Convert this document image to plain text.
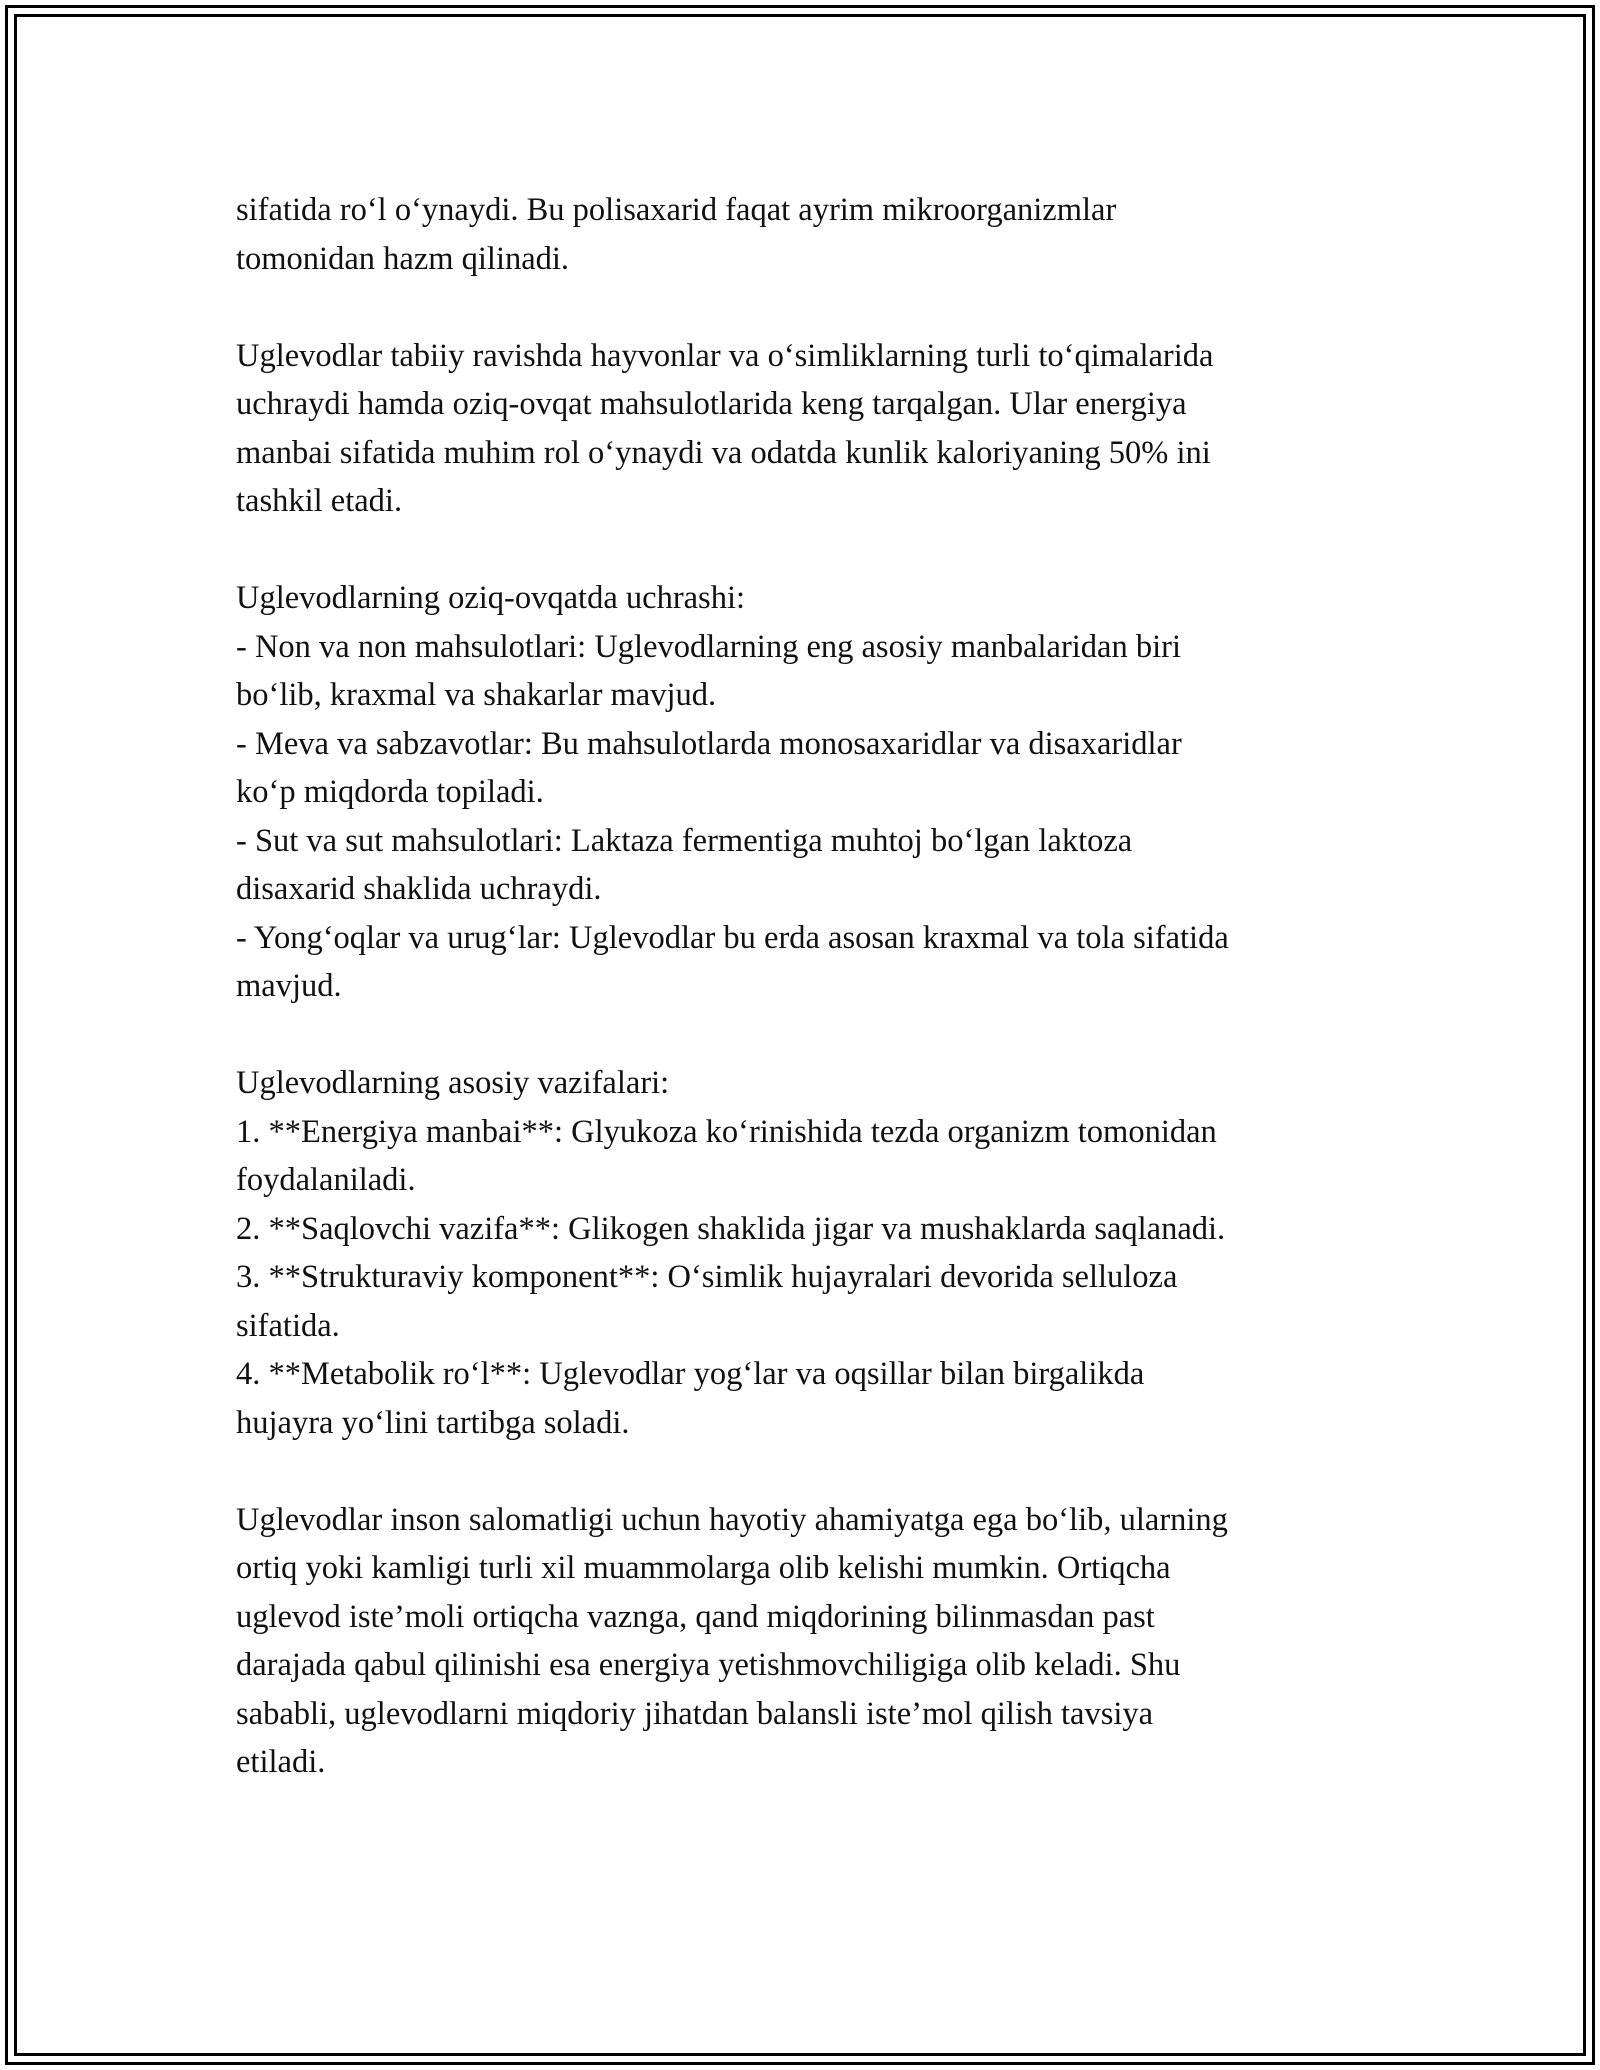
sifatida ro‘l o‘ynaydi. Bu polisaxarid faqat ayrim mikroorganizmlar
tomonidan hazm qilinadi.

Uglevodlar tabiiy ravishda hayvonlar va o‘simliklarning turli to‘qimalarida
uchraydi hamda oziq-ovqat mahsulotlarida keng tarqalgan. Ular energiya
manbai sifatida muhim rol o‘ynaydi va odatda kunlik kaloriyaning 50% ini
tashkil etadi.

Uglevodlarning oziq-ovqatda uchrashi:
- Non va non mahsulotlari: Uglevodlarning eng asosiy manbalaridan biri
bo‘lib, kraxmal va shakarlar mavjud.
- Meva va sabzavotlar: Bu mahsulotlarda monosaxaridlar va disaxaridlar
ko‘p miqdorda topiladi.
- Sut va sut mahsulotlari: Laktaza fermentiga muhtoj bo‘lgan laktoza
disaxarid shaklida uchraydi.
- Yong‘oqlar va urug‘lar: Uglevodlar bu erda asosan kraxmal va tola sifatida
mavjud.

Uglevodlarning asosiy vazifalari:
1. **Energiya manbai**: Glyukoza ko‘rinishida tezda organizm tomonidan
foydalaniladi.
2. **Saqlovchi vazifa**: Glikogen shaklida jigar va mushaklarda saqlanadi.
3. **Strukturaviy komponent**: O‘simlik hujayralari devorida selluloza
sifatida.
4. **Metabolik ro‘l**: Uglevodlar yog‘lar va oqsillar bilan birgalikda
hujayra yo‘lini tartibga soladi.

Uglevodlar inson salomatligi uchun hayotiy ahamiyatga ega bo‘lib, ularning
ortiq yoki kamligi turli xil muammolarga olib kelishi mumkin. Ortiqcha
uglevod iste’moli ortiqcha vaznga, qand miqdorining bilinmasdan past
darajada qabul qilinishi esa energiya yetishmovchiligiga olib keladi. Shu
sababli, uglevodlarni miqdoriy jihatdan balansli iste’mol qilish tavsiya
etiladi.
